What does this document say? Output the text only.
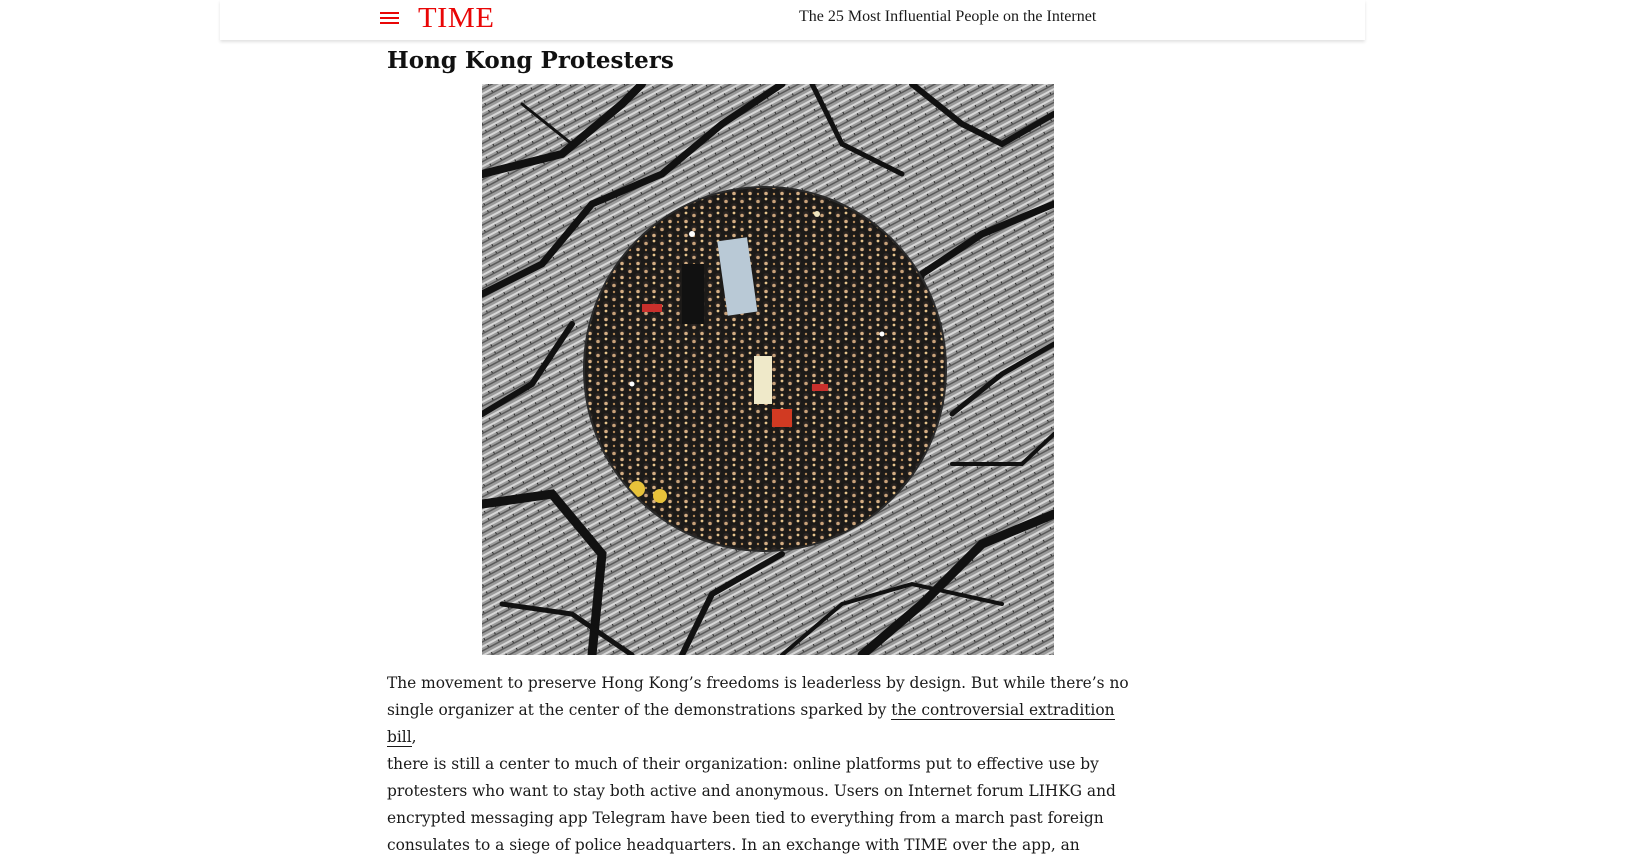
TIME	The 25 Most Influential People on the Internet
Hong Kong Protesters

The movement to preserve Hong Kong’s freedoms is leaderless by design. But while there’s no
single organizer at the center of the demonstrations sparked by the controversial extradition bill,
there is still a center to much of their organization: online platforms put to effective use by
protesters who want to stay both active and anonymous. Users on Internet forum LIHKG and
encrypted messaging app Telegram have been tied to everything from a march past foreign
consulates to a siege of police headquarters. In an exchange with TIME over the app, an
